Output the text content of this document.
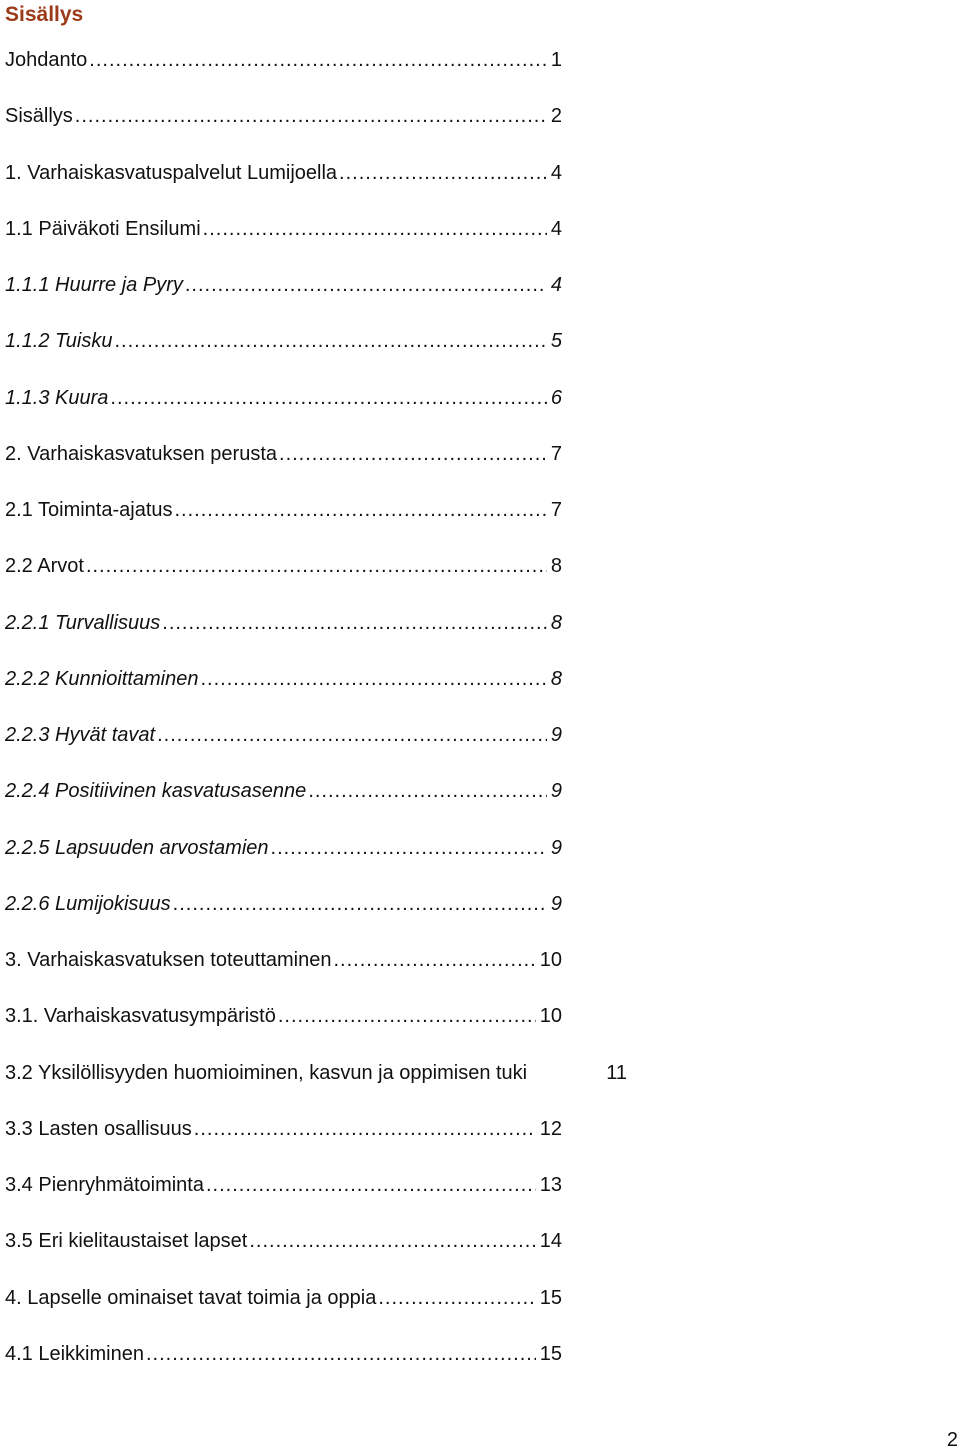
Sisällys
Johdanto .....	1
Sisällys .....	2
1. Varhaiskasvatuspalvelut Lumijoella .....	4
1.1 Päiväkoti Ensilumi .....	4
1.1.1 Huurre ja Pyry .....	4
1.1.2 Tuisku .....	5
1.1.3 Kuura .....	6
2. Varhaiskasvatuksen perusta .....	7
2.1 Toiminta-ajatus .....	7
2.2 Arvot .....	8
2.2.1 Turvallisuus .....	8
2.2.2 Kunnioittaminen .....	8
2.2.3 Hyvät tavat .....	9
2.2.4 Positiivinen kasvatusasenne .....	9
2.2.5 Lapsuuden arvostamien .....	9
2.2.6 Lumijokisuus .....	9
3. Varhaiskasvatuksen toteuttaminen .....	10
3.1. Varhaiskasvatusympäristö .....	10
3.2 Yksilöllisyyden huomioiminen, kasvun ja oppimisen tuki	11
3.3 Lasten osallisuus .....	12
3.4 Pienryhmätoiminta .....	13
3.5 Eri kielitaustaiset lapset .....	14
4. Lapselle ominaiset tavat toimia ja oppia .....	15
4.1 Leikkiminen .....	15
2
